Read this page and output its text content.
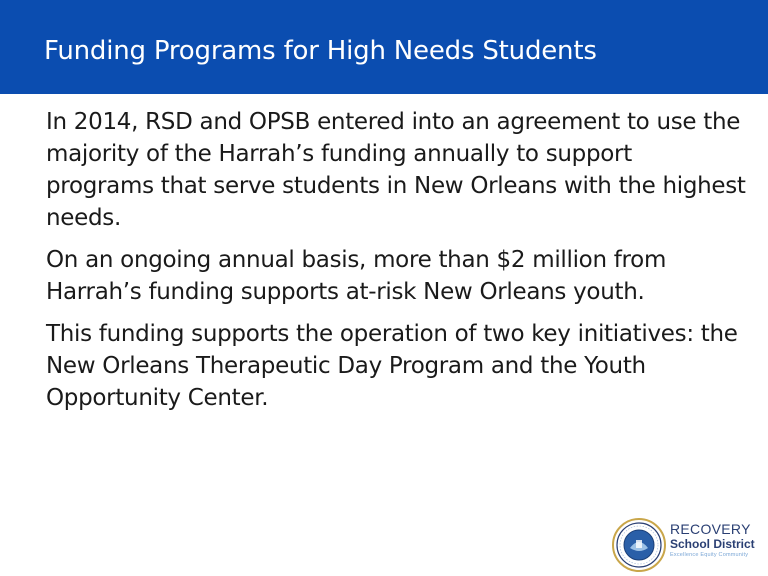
Funding Programs for High Needs Students

In 2014, RSD and OPSB entered into an agreement to use the majority of the Harrah’s funding annually to support programs that serve students in New Orleans with the highest needs.

On an ongoing annual basis, more than $2 million from Harrah’s funding supports at-risk New Orleans youth.

This funding supports the operation of two key initiatives: the New Orleans Therapeutic Day Program and the Youth Opportunity Center.

RECOVERY
School District
Excellence Equity Community
